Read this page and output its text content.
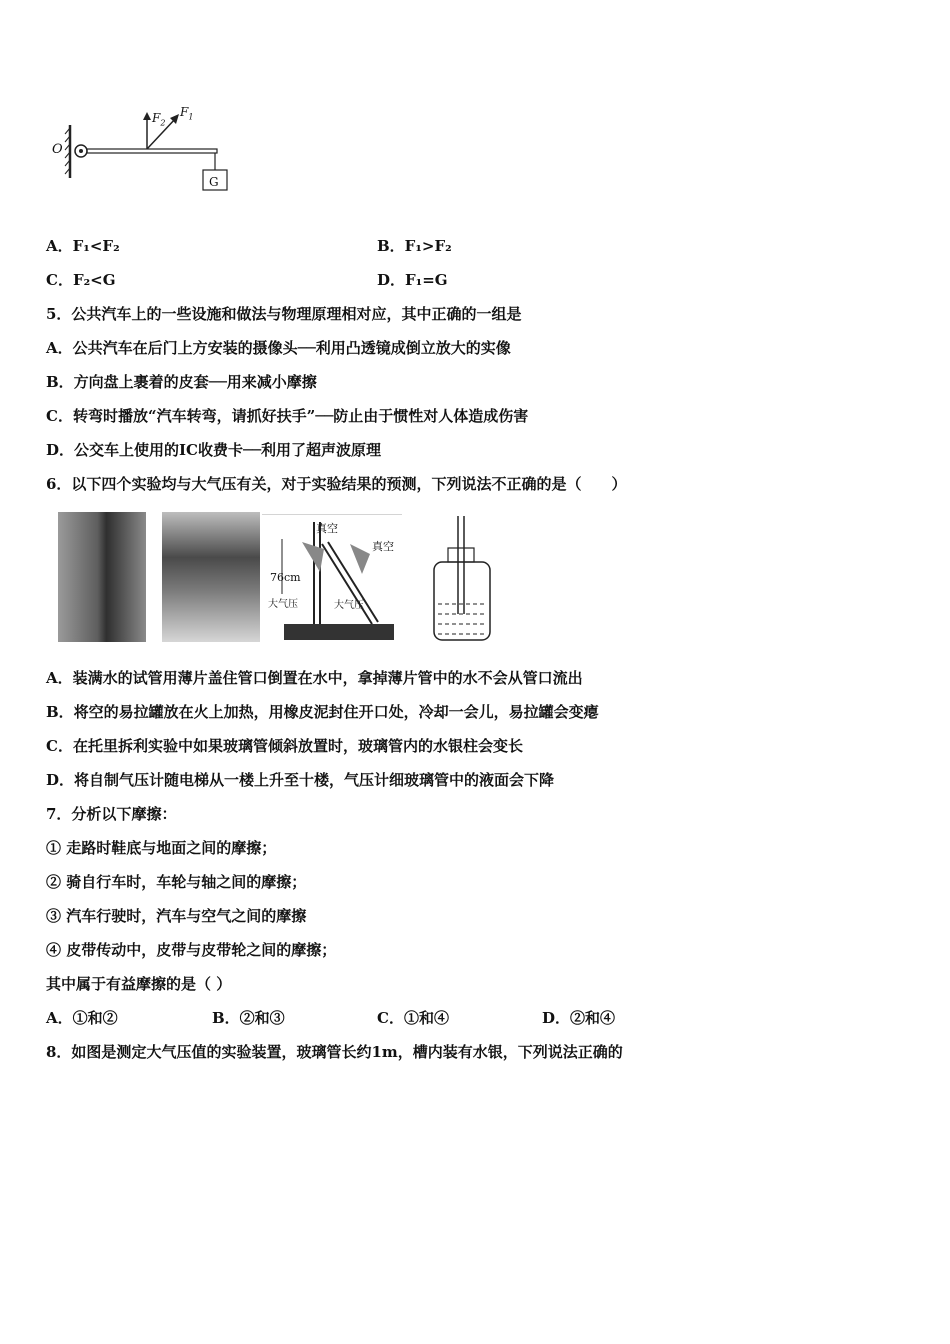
O
$F_2$
$F_1$
G
A．F₁<F₂	B．F₁>F₂
C．F₂<G	D．F₁=G
5．公共汽车上的一些设施和做法与物理原理相对应，其中正确的一组是
A．公共汽车在后门上方安装的摄像头──利用凸透镜成倒立放大的实像
B．方向盘上裹着的皮套──用来减小摩擦
C．转弯时播放“汽车转弯，请抓好扶手”──防止由于惯性对人体造成伤害
D．公交车上使用的IC收费卡──利用了超声波原理
6．以下四个实验均与大气压有关，对于实验结果的预测，下列说法不正确的是（　　）
真空
真空
76cm
大气压	大气压
A．装满水的试管用薄片盖住管口倒置在水中，拿掉薄片管中的水不会从管口流出
B．将空的易拉罐放在火上加热，用橡皮泥封住开口处，冷却一会儿，易拉罐会变瘪
C．在托里拆利实验中如果玻璃管倾斜放置时，玻璃管内的水银柱会变长
D．将自制气压计随电梯从一楼上升至十楼，气压计细玻璃管中的液面会下降
7．分析以下摩擦：
① 走路时鞋底与地面之间的摩擦；
② 骑自行车时，车轮与轴之间的摩擦；
③ 汽车行驶时，汽车与空气之间的摩擦
④ 皮带传动中，皮带与皮带轮之间的摩擦；
其中属于有益摩擦的是（ ）
A．①和②	B．②和③	C．①和④	D．②和④
8．如图是测定大气压值的实验装置，玻璃管长约1m，槽内装有水银，下列说法正确的
